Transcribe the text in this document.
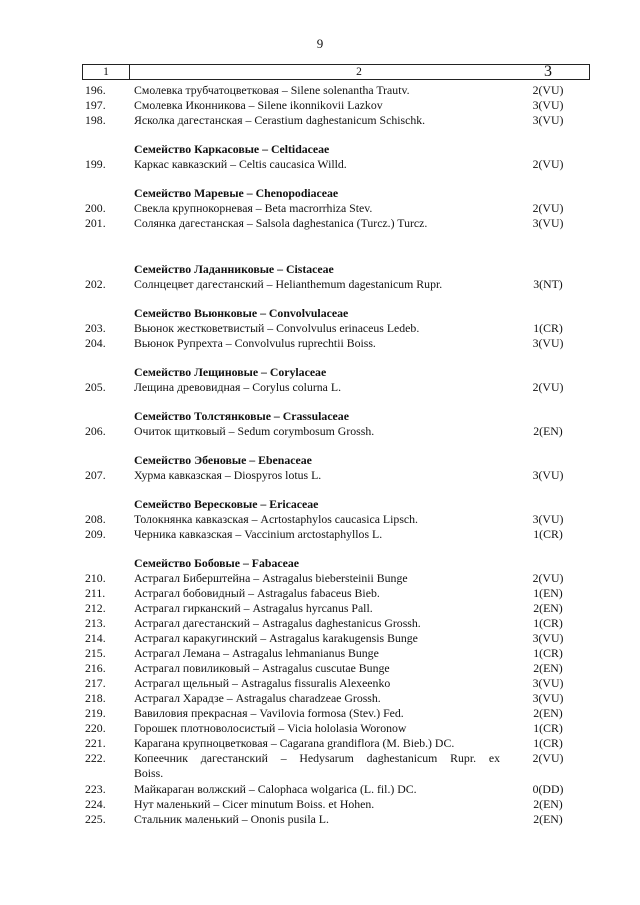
9
1	2	3
196.	Смолевка трубчатоцветковая – Silene solenantha Trautv.	2(VU)
197.	Смолевка Иконникова – Silene ikonnikovii Lazkov	3(VU)
198.	Ясколка дагестанская – Cerastium daghestanicum Schischk.	3(VU)
Семейство Каркасовые – Celtidaceae
199.	Каркас кавказский – Celtis caucasica Willd.	2(VU)
Семейство Маревые – Chenopodiaceae
200.	Свекла крупнокорневая – Beta macrorrhiza Stev.	2(VU)
201.	Солянка дагестанская – Salsola daghestanica (Turcz.) Turcz.	3(VU)
Семейство Ладанниковые – Cistaceae
202.	Солнцецвет дагестанский – Helianthemum dagestanicum Rupr.	3(NT)
Семейство Вьюнковые – Convolvulaceae
203.	Вьюнок жестковетвистый – Convolvulus erinaceus Ledeb.	1(CR)
204.	Вьюнок Рупрехта – Convolvulus ruprechtii Boiss.	3(VU)
Семейство Лещиновые – Corylaceae
205.	Лещина древовидная – Corylus colurna L.	2(VU)
Семейство Толстянковые – Crassulaceae
206.	Очиток щитковый – Sedum corymbosum Grossh.	2(EN)
Семейство Эбеновые – Ebenaceae
207.	Хурма кавказская – Diospyros lotus L.	3(VU)
Семейство Вересковые – Ericaceae
208.	Толокнянка кавказская – Acrtostaphylos caucasica Lipsch.	3(VU)
209.	Черника кавказская – Vaccinium arctostaphyllos L.	1(CR)
Семейство Бобовые – Fabaceae
210.	Астрагал Биберштейна – Astragalus biebersteinii Bunge	2(VU)
211.	Астрагал бобовидный – Astragalus fabaceus Bieb.	1(EN)
212.	Астрагал гирканский – Astragalus hyrcanus Pall.	2(EN)
213.	Астрагал дагестанский – Astragalus daghestanicus Grossh.	1(CR)
214.	Астрагал каракугинский – Astragalus karakugensis Bunge	3(VU)
215.	Астрагал Лемана – Astragalus lehmanianus Bunge	1(CR)
216.	Астрагал повиликовый – Astragalus cuscutae Bunge	2(EN)
217.	Астрагал щельный – Astragalus fissuralis Alexeenko	3(VU)
218.	Астрагал Харадзе – Astragalus charadzeae Grossh.	3(VU)
219.	Вавиловия прекрасная – Vavilovia formosa (Stev.) Fed.	2(EN)
220.	Горошек плотноволосистый – Vicia hololasia Woronow	1(CR)
221.	Карагана крупноцветковая – Cagarana grandiflora (M. Bieb.) DC.	1(CR)
222.	Копеечник дагестанский – Hedysarum daghestanicum Rupr. ex	2(VU)
Boiss.
223.	Майкараган волжский – Calophaca wolgarica (L. fil.) DC.	0(DD)
224.	Нут маленький – Cicer minutum Boiss. et Hohen.	2(EN)
225.	Стальник маленький – Ononis pusila L.	2(EN)
